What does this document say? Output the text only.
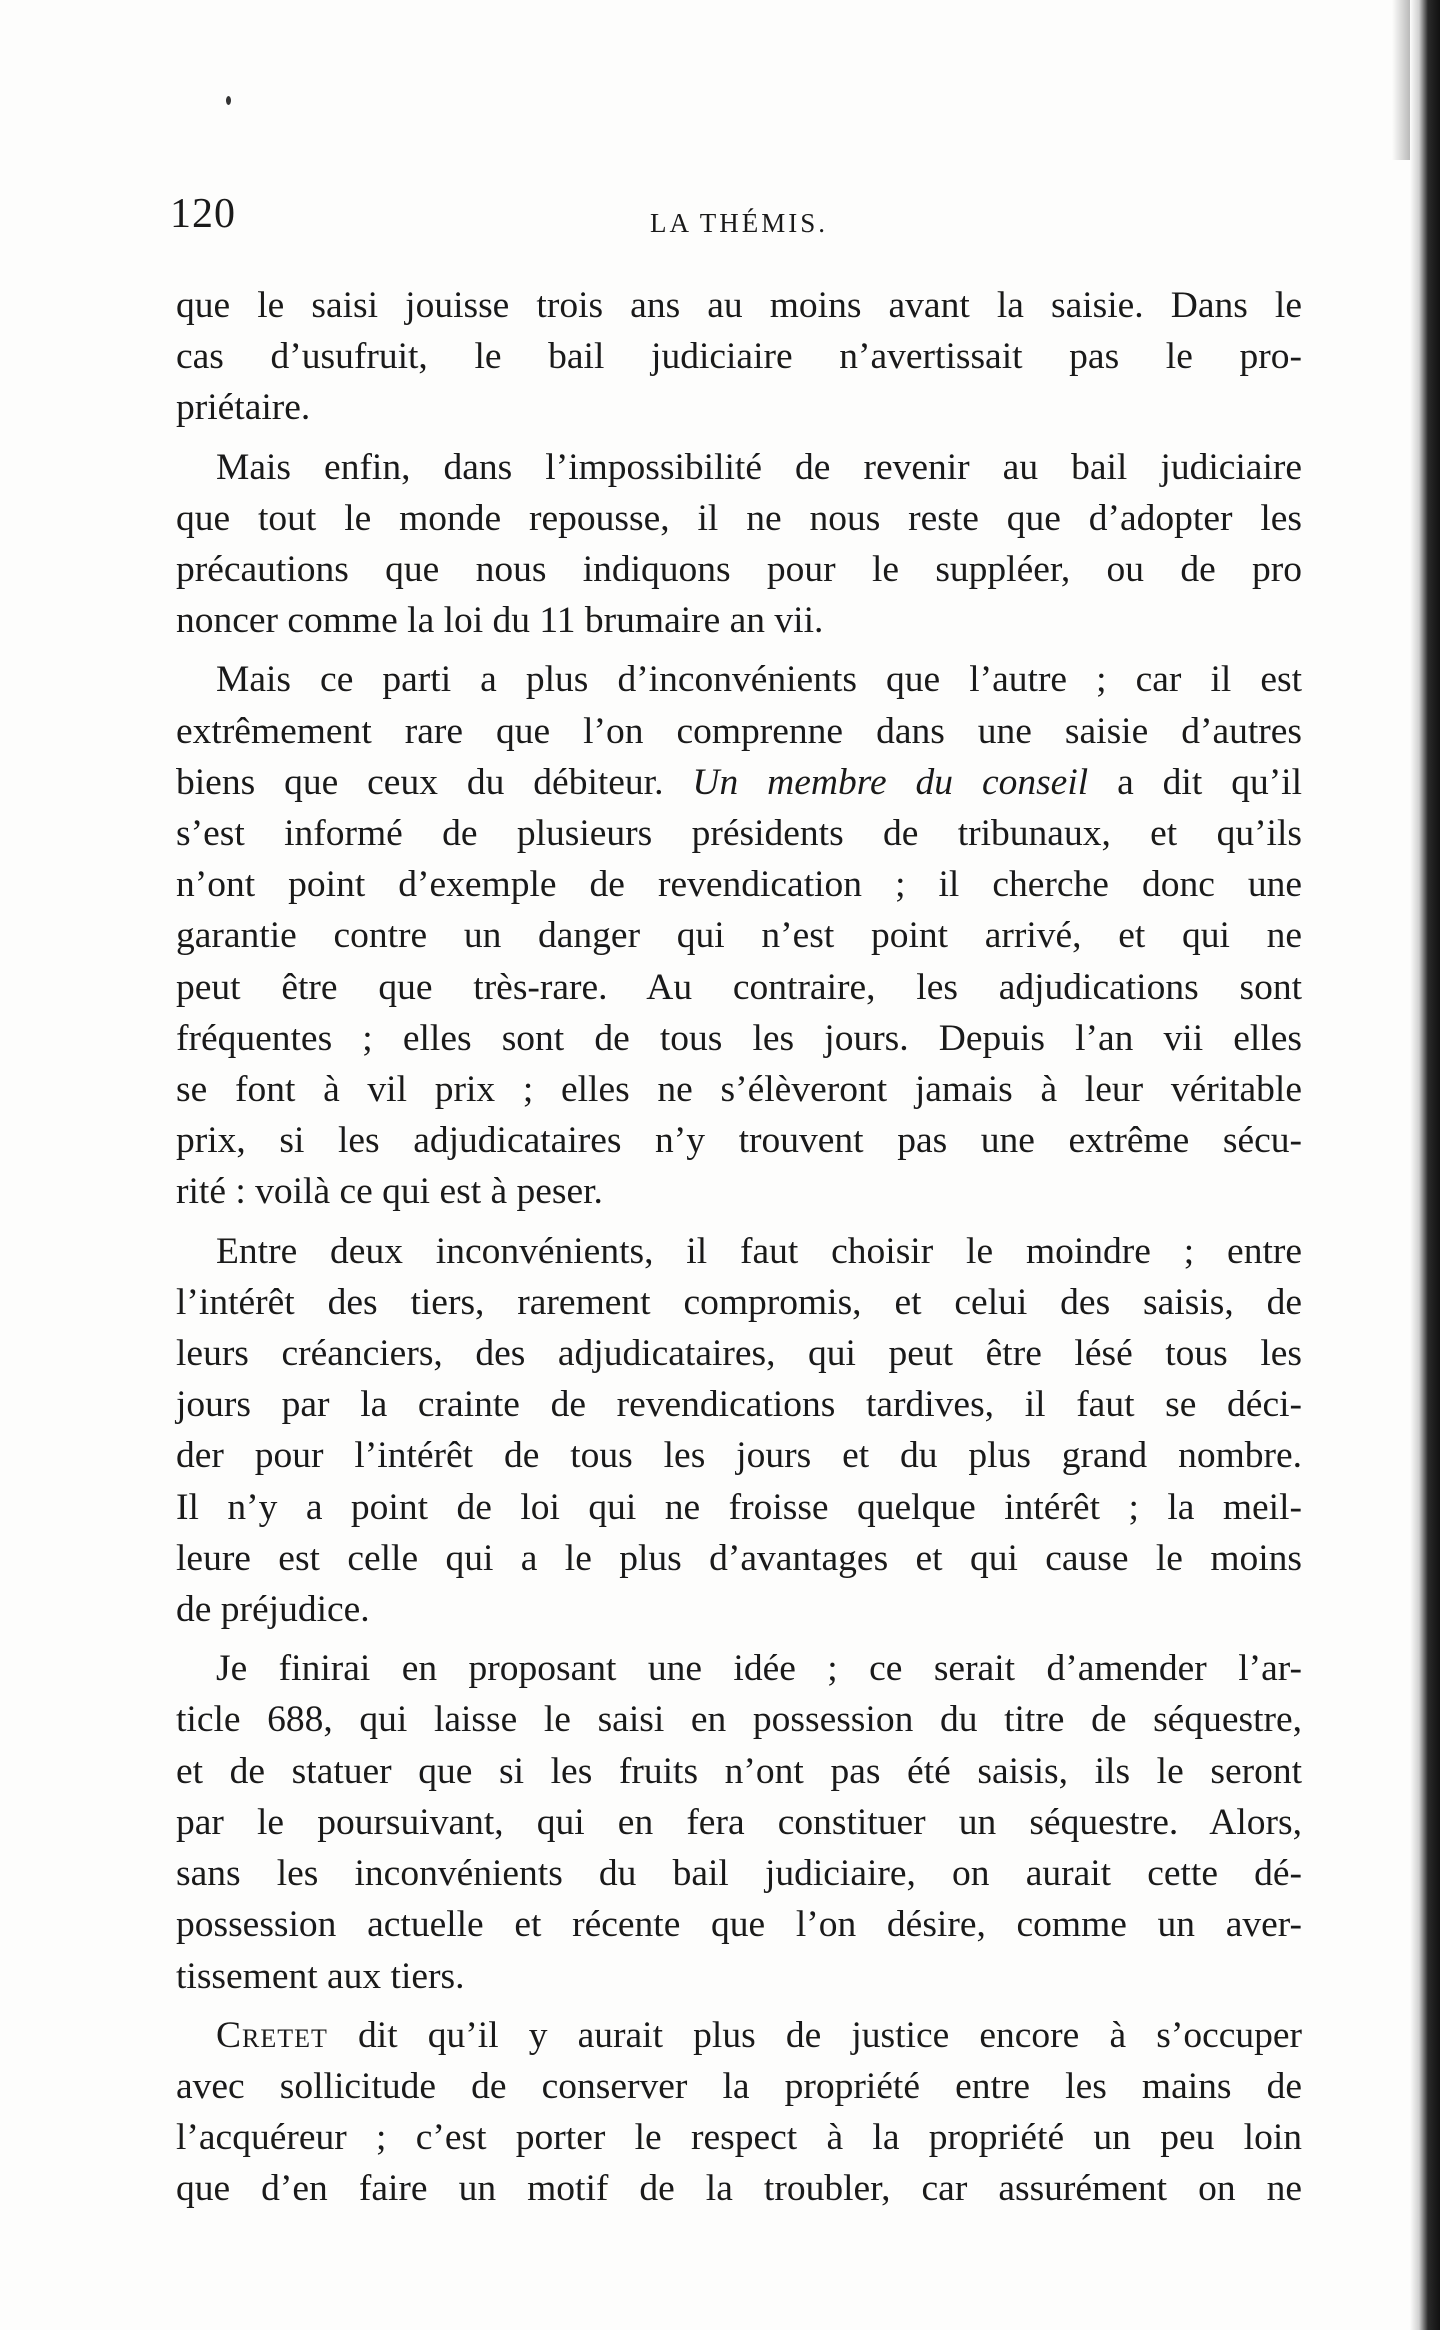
120	LA THÉMIS.

que le saisi jouisse trois ans au moins avant la saisie. Dans le
cas d’usufruit, le bail judiciaire n’avertissait pas le pro-
priétaire.

Mais enfin, dans l’impossibilité de revenir au bail judiciaire
que tout le monde repousse, il ne nous reste que d’adopter les
précautions que nous indiquons pour le suppléer, ou de pro
noncer comme la loi du 11 brumaire an vii.

Mais ce parti a plus d’inconvénients que l’autre ; car il est
extrêmement rare que l’on comprenne dans une saisie d’autres
biens que ceux du débiteur. Un membre du conseil a dit qu’il
s’est informé de plusieurs présidents de tribunaux, et qu’ils
n’ont point d’exemple de revendication ; il cherche donc une
garantie contre un danger qui n’est point arrivé, et qui ne
peut être que très-rare. Au contraire, les adjudications sont
fréquentes ; elles sont de tous les jours. Depuis l’an vii elles
se font à vil prix ; elles ne s’élèveront jamais à leur véritable
prix, si les adjudicataires n’y trouvent pas une extrême sécu-
rité : voilà ce qui est à peser.

Entre deux inconvénients, il faut choisir le moindre ; entre
l’intérêt des tiers, rarement compromis, et celui des saisis, de
leurs créanciers, des adjudicataires, qui peut être lésé tous les
jours par la crainte de revendications tardives, il faut se déci-
der pour l’intérêt de tous les jours et du plus grand nombre.
Il n’y a point de loi qui ne froisse quelque intérêt ; la meil-
leure est celle qui a le plus d’avantages et qui cause le moins
de préjudice.

Je finirai en proposant une idée ; ce serait d’amender l’ar-
ticle 688, qui laisse le saisi en possession du titre de séquestre,
et de statuer que si les fruits n’ont pas été saisis, ils le seront
par le poursuivant, qui en fera constituer un séquestre. Alors,
sans les inconvénients du bail judiciaire, on aurait cette dé-
possession actuelle et récente que l’on désire, comme un aver-
tissement aux tiers.

Cretet dit qu’il y aurait plus de justice encore à s’occuper
avec sollicitude de conserver la propriété entre les mains de
l’acquéreur ; c’est porter le respect à la propriété un peu loin
que d’en faire un motif de la troubler, car assurément on ne
